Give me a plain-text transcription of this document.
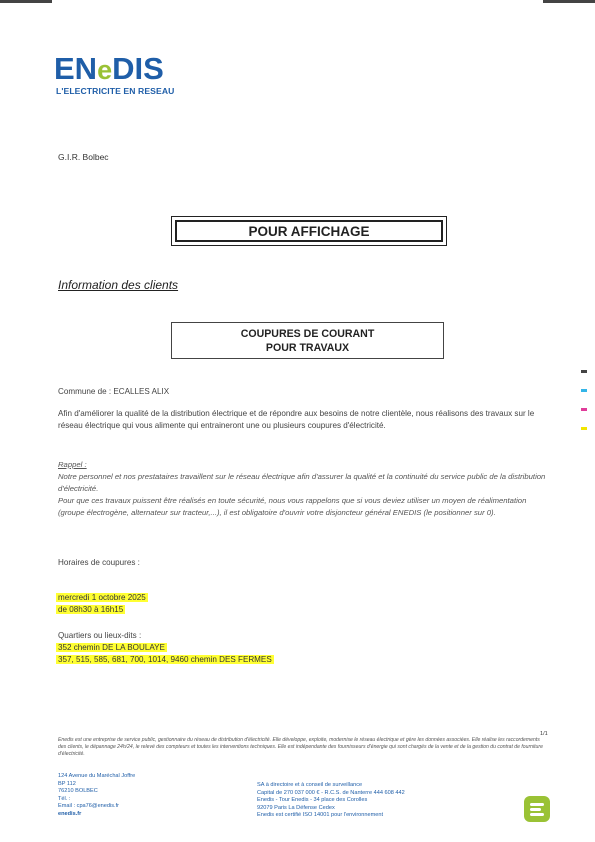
ENeDIS
L'ELECTRICITE EN RESEAU
G.I.R. Bolbec
POUR AFFICHAGE
Information des clients
COUPURES DE COURANT
POUR TRAVAUX
Commune de : ECALLES ALIX
Afin d'améliorer la qualité de la distribution électrique et de répondre aux besoins de notre clientèle, nous réalisons des travaux sur le réseau électrique qui vous alimente qui entraineront une ou plusieurs coupures d'électricité.
Rappel :
Notre personnel et nos prestataires travaillent sur le réseau électrique afin d'assurer la qualité et la continuité du service public de la distribution d'électricité.
Pour que ces travaux puissent être réalisés en toute sécurité, nous vous rappelons que si vous deviez utiliser un moyen de réalimentation (groupe électrogène, alternateur sur tracteur,...), il est obligatoire d'ouvrir votre disjoncteur général ENEDIS (le positionner sur 0).
Horaires de coupures :
mercredi 1 octobre 2025
de 08h30 à 16h15
Quartiers ou lieux-dits :
352 chemin DE LA BOULAYE
357, 515, 585, 681, 700, 1014, 9460 chemin DES FERMES
1/1
Enedis est une entreprise de service public, gestionnaire du réseau de distribution d'électricité. Elle développe, exploite, modernise le réseau électrique et gère les données associées. Elle réalise les raccordements des clients, le dépannage 24h/24, le relevé des compteurs et toutes les interventions techniques. Elle est indépendante des fournisseurs d'énergie qui sont chargés de la vente et de la gestion du contrat de fourniture d'électricité.
124 Avenue du Maréchal Joffre
BP 112
76210 BOLBEC
Tél. :
Email : cpa76@enedis.fr
enedis.fr
SA à directoire et à conseil de surveillance
Capital de 270 037 000 € - R.C.S. de Nanterre 444 608 442
Enedis - Tour Enedis - 34 place des Corolles
92079 Paris La Défense Cedex
Enedis est certifié ISO 14001 pour l'environnement
